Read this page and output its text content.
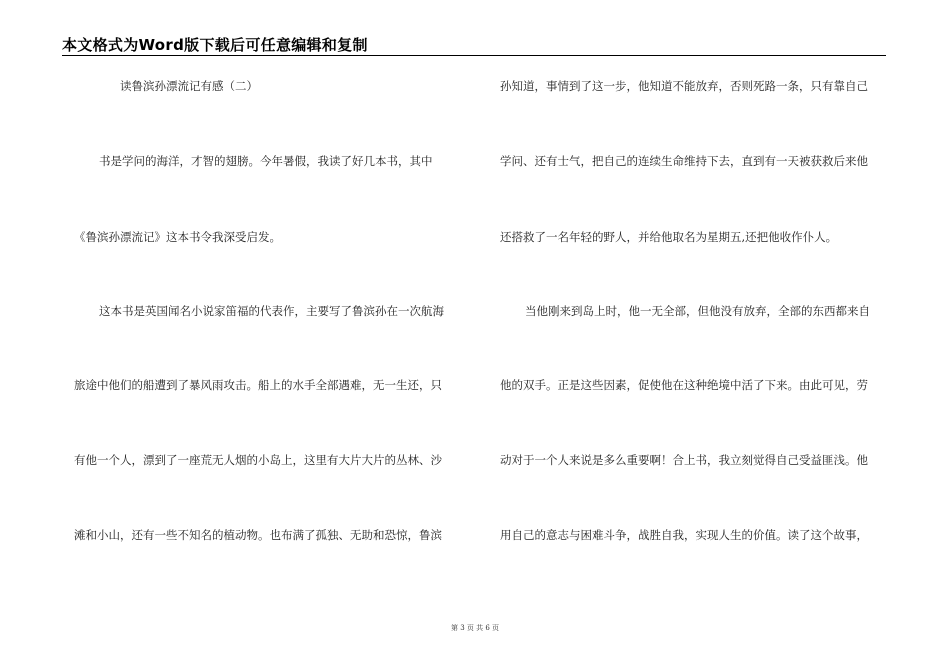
本文格式为Word版下载后可任意编辑和复制
读鲁滨孙漂流记有感（二）
书是学问的海洋，才智的翅膀。今年暑假，我读了好几本书，其中
《鲁滨孙漂流记》这本书令我深受启发。
这本书是英国闻名小说家笛福的代表作，主要写了鲁滨孙在一次航海
旅途中他们的船遭到了暴风雨攻击。船上的水手全部遇难，无一生还，只
有他一个人，漂到了一座荒无人烟的小岛上，这里有大片大片的丛林、沙
滩和小山，还有一些不知名的植动物。也布满了孤独、无助和恐惊，鲁滨
孙知道，事情到了这一步，他知道不能放弃，否则死路一条，只有靠自己
学问、还有士气，把自己的连续生命维持下去，直到有一天被获救后来他
还搭救了一名年轻的野人，并给他取名为星期五,还把他收作仆人。
当他刚来到岛上时，他一无全部，但他没有放弃，全部的东西都来自
他的双手。正是这些因素，促使他在这种绝境中活了下来。由此可见，劳
动对于一个人来说是多么重要啊！合上书，我立刻觉得自己受益匪浅。他
用自己的意志与困难斗争，战胜自我，实现人生的价值。读了这个故事，
第 3 页 共 6 页
